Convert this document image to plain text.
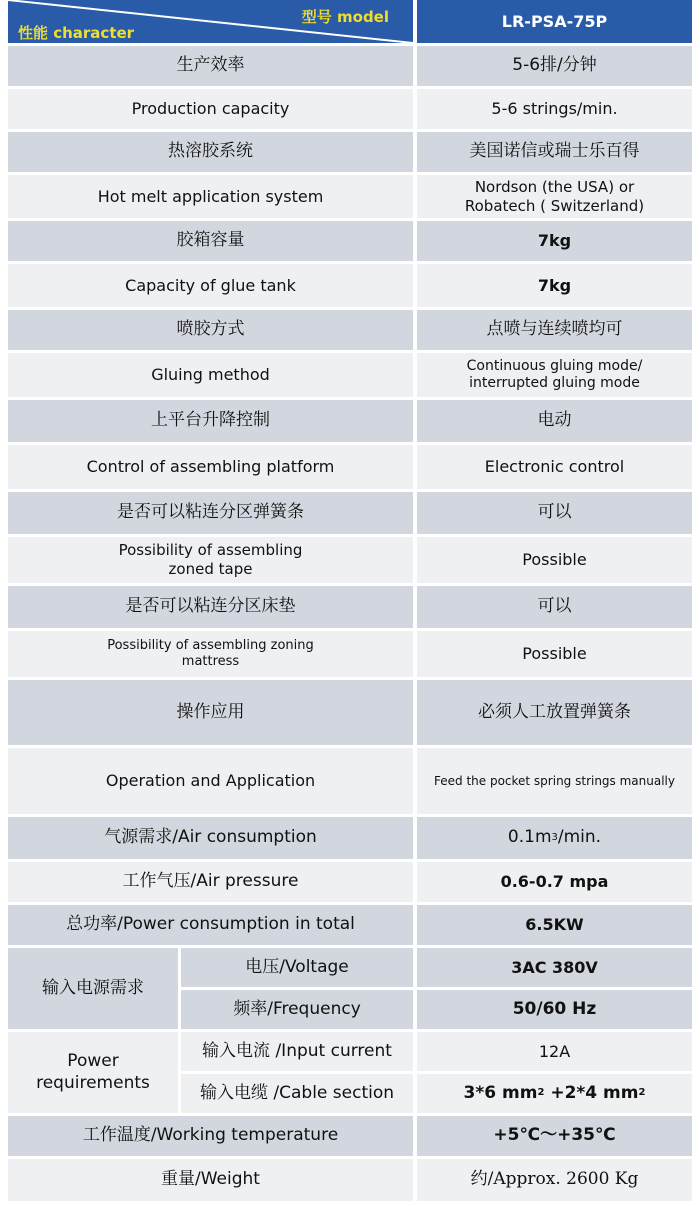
型号 model
性能 character
LR-PSA-75P
生产效率	5-6排/分钟
Production capacity	5-6 strings/min.
热溶胶系统	美国诺信或瑞士乐百得
Hot melt application system	Nordson (the USA) or
Robatech ( Switzerland)
胶箱容量	7kg
Capacity of glue tank	7kg
喷胶方式	点喷与连续喷均可
Gluing method	Continuous gluing mode/
interrupted gluing mode
上平台升降控制	电动
Control of assembling platform	Electronic control
是否可以粘连分区弹簧条	可以
Possibility of assembling
zoned tape	Possible
是否可以粘连分区床垫	可以
Possibility of assembling zoning
mattress	Possible
操作应用	必须人工放置弹簧条
Operation and Application	Feed the pocket spring strings manually
气源需求/Air consumption	0.1m 3 /min.
工作气压/Air pressure	0.6-0.7 mpa
总功率/Power consumption in total	6.5KW
输入电源需求
电压/Voltage	3AC 380V
频率/Frequency	50/60 Hz
Power
requirements
输入电流 /Input current	12A
输入电缆 /Cable section	3*6 mm 2 +2*4 mm 2
工作温度/Working temperature	+5℃～+35℃
重量/Weight	约/Approx. 2600 Kg
